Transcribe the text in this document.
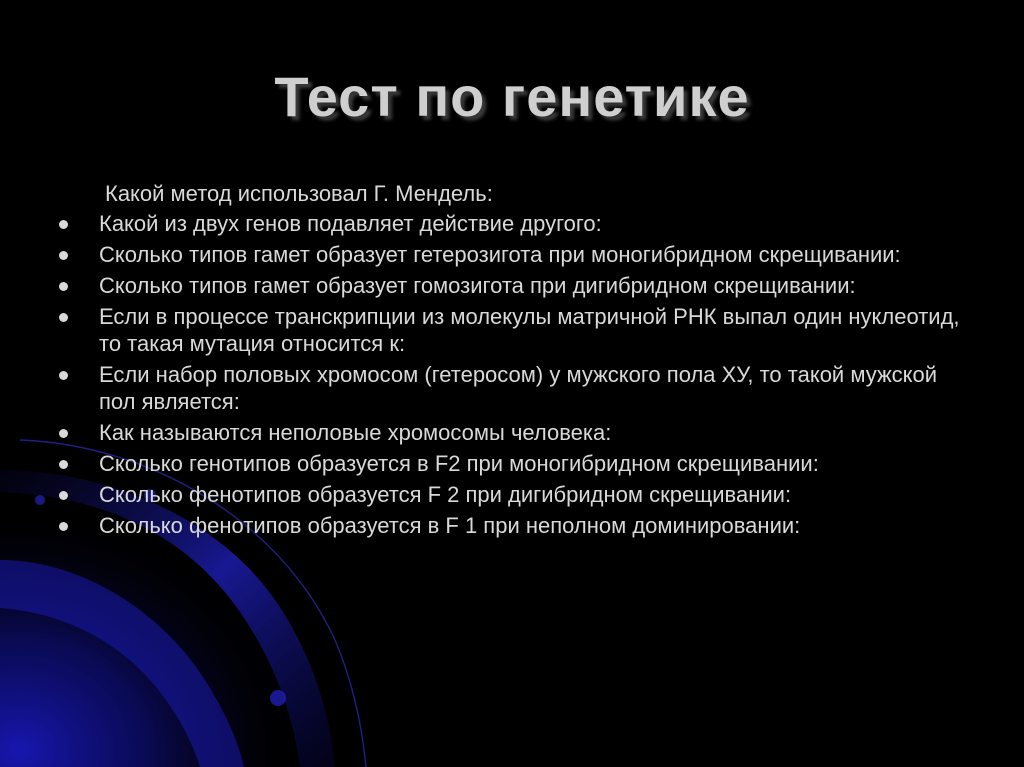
Тест по генетике
Какой метод использовал Г. Мендель:
Какой из двух генов подавляет действие другого:
Сколько типов гамет образует гетерозигота при моногибридном скрещивании:
Сколько типов гамет образует гомозигота при дигибридном скрещивании:
Если в процессе транскрипции из молекулы матричной РНК выпал один нуклеотид, то такая мутация относится к:
Если набор половых хромосом (гетеросом) у мужского пола ХУ, то такой мужской пол является:
Как называются неполовые хромосомы человека:
Сколько генотипов образуется в F2 при моногибридном скрещивании:
Сколько фенотипов образуется F 2 при дигибридном скрещивании:
Сколько фенотипов образуется в F 1 при неполном доминировании:
